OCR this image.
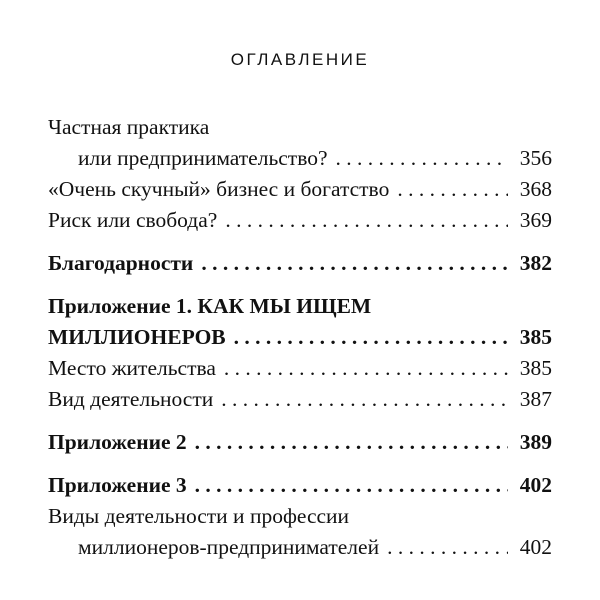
ОГЛАВЛЕНИЕ
Частная практика
или предпринимательство? . . .	356
«Очень скучный» бизнес и богатство . . .	368
Риск или свобода? . . .	369
Благодарности . . .	382
Приложение 1. КАК МЫ ИЩЕМ
МИЛЛИОНЕРОВ . . .	385
Место жительства . . .	385
Вид деятельности . . .	387
Приложение 2 . . .	389
Приложение 3 . . .	402
Виды деятельности и профессии
миллионеров-предпринимателей . . .	402
